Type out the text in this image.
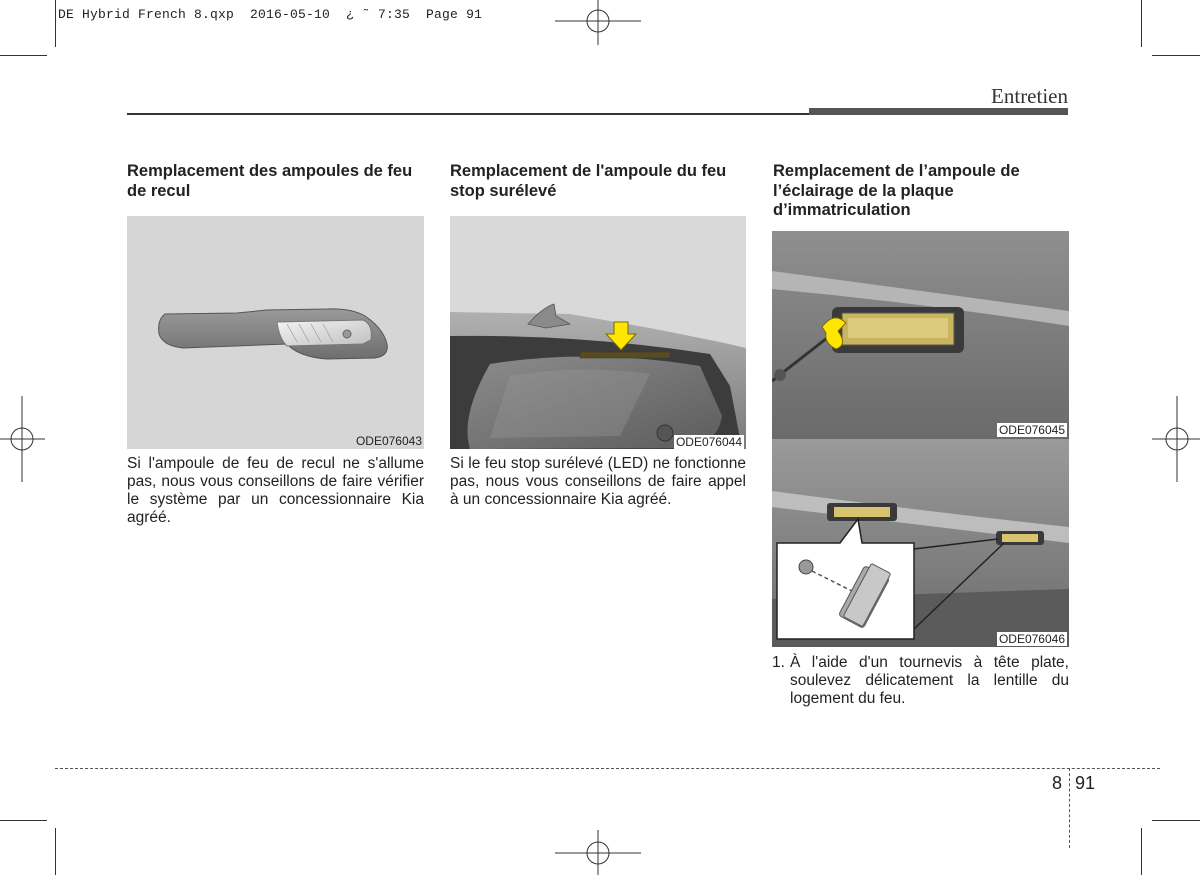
DE Hybrid French 8.qxp  2016-05-10  ¿ ˜ 7:35  Page 91
Entretien
Remplacement des ampoules de feu de recul
ODE076043
Si l'ampoule de feu de recul ne s'allume pas, nous vous conseillons de faire vérifier le système par un concessionnaire Kia agréé.
Remplacement de l'ampoule du feu stop surélevé
ODE076044
Si le feu stop surélevé (LED) ne fonctionne pas, nous vous conseillons de faire appel à un concessionnaire Kia agréé.
Remplacement de l’ampoule de l’éclairage de la plaque d’immatriculation
ODE076045
ODE076046
1. À l'aide d'un tournevis à tête plate, soulevez délicatement la lentille du logement du feu.
8 91
